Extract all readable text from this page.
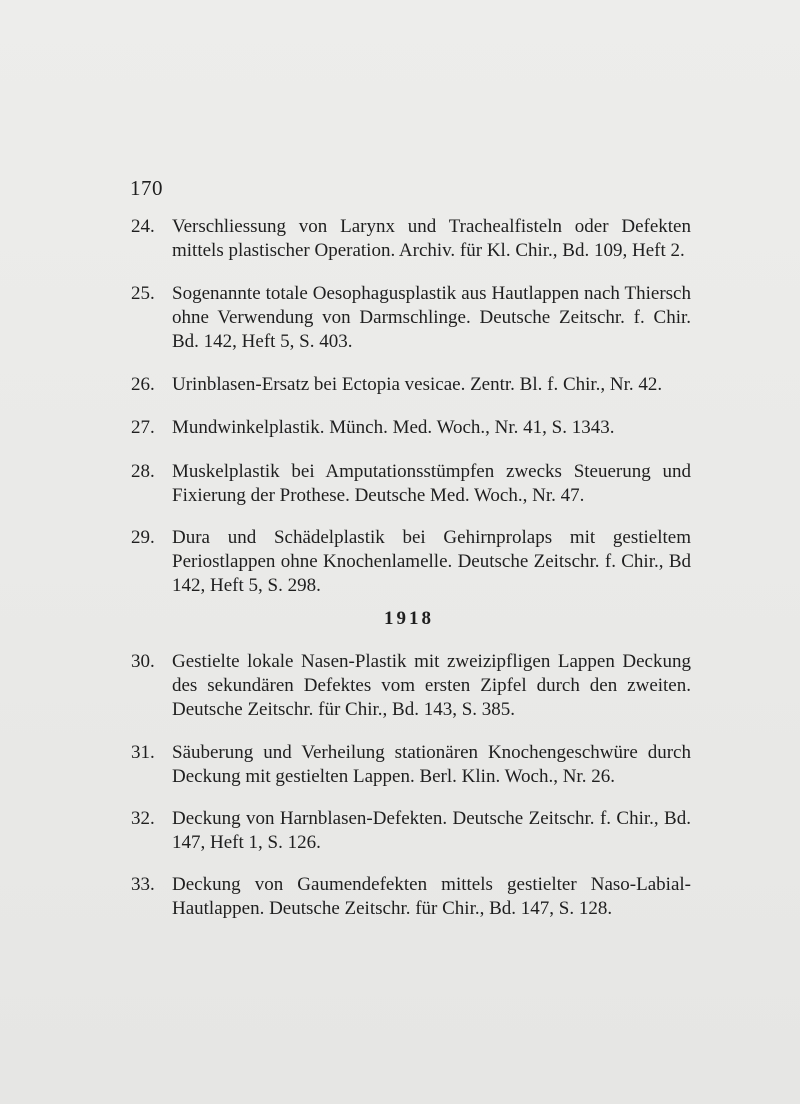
170
24. Verschliessung von Larynx und Trachealfisteln oder Defekten mittels plastischer Operation. Archiv. für Kl. Chir., Bd. 109, Heft 2.
25. Sogenannte totale Oesophagusplastik aus Hautlappen nach Thiersch ohne Verwendung von Darmschlinge. Deutsche Zeitschr. f. Chir. Bd. 142, Heft 5, S. 403.
26. Urinblasen-Ersatz bei Ectopia vesicae. Zentr. Bl. f. Chir., Nr. 42.
27. Mundwinkelplastik. Münch. Med. Woch., Nr. 41, S. 1343.
28. Muskelplastik bei Amputationsstümpfen zwecks Steuerung und Fixierung der Prothese. Deutsche Med. Woch., Nr. 47.
29. Dura und Schädelplastik bei Gehirnprolaps mit gestieltem Periostlappen ohne Knochenlamelle. Deutsche Zeitschr. f. Chir., Bd 142, Heft 5, S. 298.
1918
30. Gestielte lokale Nasen-Plastik mit zweizipfligen Lappen Deckung des sekundären Defektes vom ersten Zipfel durch den zweiten. Deutsche Zeitschr. für Chir., Bd. 143, S. 385.
31. Säuberung und Verheilung stationären Knochengeschwüre durch Deckung mit gestielten Lappen. Berl. Klin. Woch., Nr. 26.
32. Deckung von Harnblasen-Defekten. Deutsche Zeitschr. f. Chir., Bd. 147, Heft 1, S. 126.
33. Deckung von Gaumendefekten mittels gestielter Naso-Labial-Hautlappen. Deutsche Zeitschr. für Chir., Bd. 147, S. 128.
